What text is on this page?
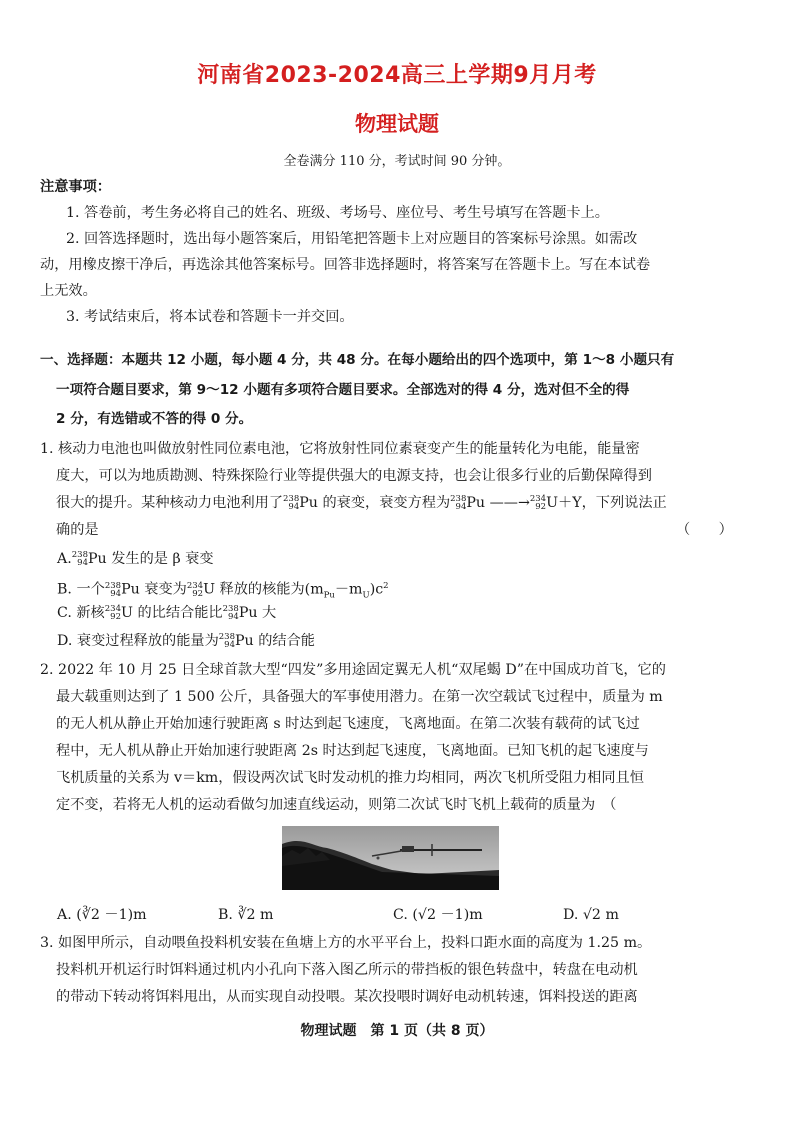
河南省2023-2024高三上学期9月月考
物理试题
全卷满分 110 分，考试时间 90 分钟。
注意事项：
1. 答卷前，考生务必将自己的姓名、班级、考场号、座位号、考生号填写在答题卡上。
2. 回答选择题时，选出每小题答案后，用铅笔把答题卡上对应题目的答案标号涂黑。如需改
动，用橡皮擦干净后，再选涂其他答案标号。回答非选择题时，将答案写在答题卡上。写在本试卷
上无效。
3. 考试结束后，将本试卷和答题卡一并交回。
一、选择题：本题共 12 小题，每小题 4 分，共 48 分。在每小题给出的四个选项中，第 1～8 小题只有
一项符合题目要求，第 9～12 小题有多项符合题目要求。全部选对的得 4 分，选对但不全的得
2 分，有选错或不答的得 0 分。
1. 核动力电池也叫做放射性同位素电池，它将放射性同位素衰变产生的能量转化为电能，能量密
度大，可以为地质勘测、特殊探险行业等提供强大的电源支持，也会让很多行业的后勤保障得到
很大的提升。某种核动力电池利用了 238
94 Pu 的衰变，衰变方程为 238
94 Pu ——→ 234
92 U＋Y，下列说法正
确的是	（　　）
A. 238
94 Pu 发生的是 β 衰变
B. 一个 238
94 Pu 衰变为 234
92 U 释放的核能为$(m_{Pu}-m_U)c^2$
C. 新核 234
92 U 的比结合能比 238
94 Pu 大
D. 衰变过程释放的能量为 238
94 Pu 的结合能
2. 2022 年 10 月 25 日全球首款大型“四发”多用途固定翼无人机“双尾蝎 D”在中国成功首飞，它的
最大载重则达到了 1 500 公斤，具备强大的军事使用潜力。在第一次空载试飞过程中，质量为 m
的无人机从静止开始加速行驶距离 s 时达到起飞速度，飞离地面。在第二次装有载荷的试飞过
程中，无人机从静止开始加速行驶距离 2s 时达到起飞速度，飞离地面。已知飞机的起飞速度与
飞机质量的关系为 v＝km，假设两次试飞时发动机的推力均相同，两次飞机所受阻力相同且恒
定不变，若将无人机的运动看做匀加速直线运动，则第二次试飞时飞机上载荷的质量为　（
A. (∛2 －1)m	B. ∛2 m	C. (√2 －1)m	D. √2 m
3. 如图甲所示，自动喂鱼投料机安装在鱼塘上方的水平平台上，投料口距水面的高度为 1.25 m。
投料机开机运行时饵料通过机内小孔向下落入图乙所示的带挡板的银色转盘中，转盘在电动机
的带动下转动将饵料甩出，从而实现自动投喂。某次投喂时调好电动机转速，饵料投送的距离
物理试题　第 1 页（共 8 页）
